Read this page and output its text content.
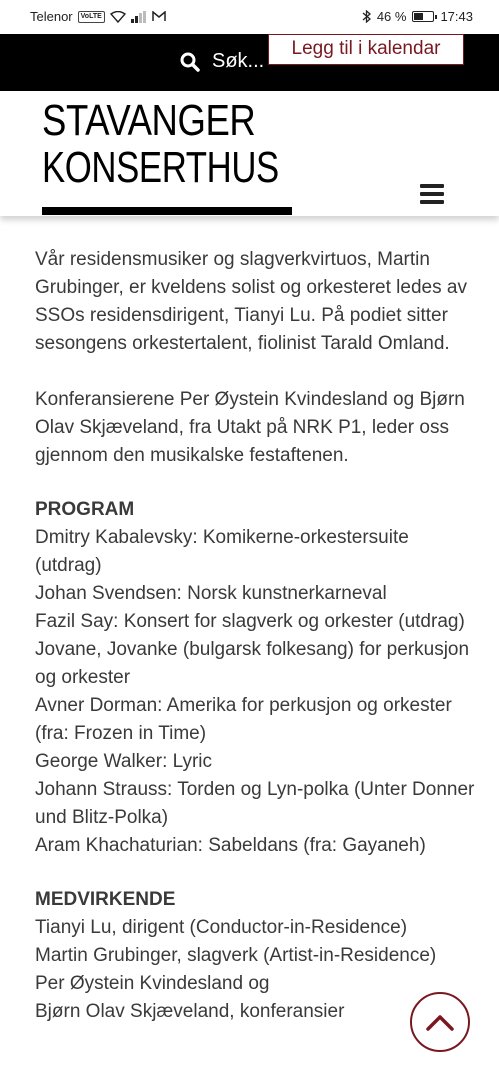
Telenor	VoLTE	46 %	17:43
Søk...
Legg til i kalendar

STAVANGER
KONSERTHUS

Vår residensmusiker og slagverkvirtuos, Martin Grubinger, er kveldens solist og orkesteret ledes av SSOs residensdirigent, Tianyi Lu. På podiet sitter sesongens orkestertalent, fiolinist Tarald Omland.

Konferansierene Per Øystein Kvindesland og Bjørn Olav Skjæveland, fra Utakt på NRK P1, leder oss gjennom den musikalske festaftenen.

PROGRAM
Dmitry Kabalevsky: Komikerne-orkestersuite (utdrag)
Johan Svendsen: Norsk kunstnerkarneval
Fazil Say: Konsert for slagverk og orkester (utdrag)
Jovane, Jovanke (bulgarsk folkesang) for perkusjon og orkester
Avner Dorman: Amerika for perkusjon og orkester (fra: Frozen in Time)
George Walker: Lyric
Johann Strauss: Torden og Lyn-polka (Unter Donner und Blitz-Polka)
Aram Khachaturian: Sabeldans (fra: Gayaneh)
MEDVIRKENDE
Tianyi Lu, dirigent (Conductor-in-Residence)
Martin Grubinger, slagverk (Artist-in-Residence)
Per Øystein Kvindesland og
Bjørn Olav Skjæveland, konferansier
